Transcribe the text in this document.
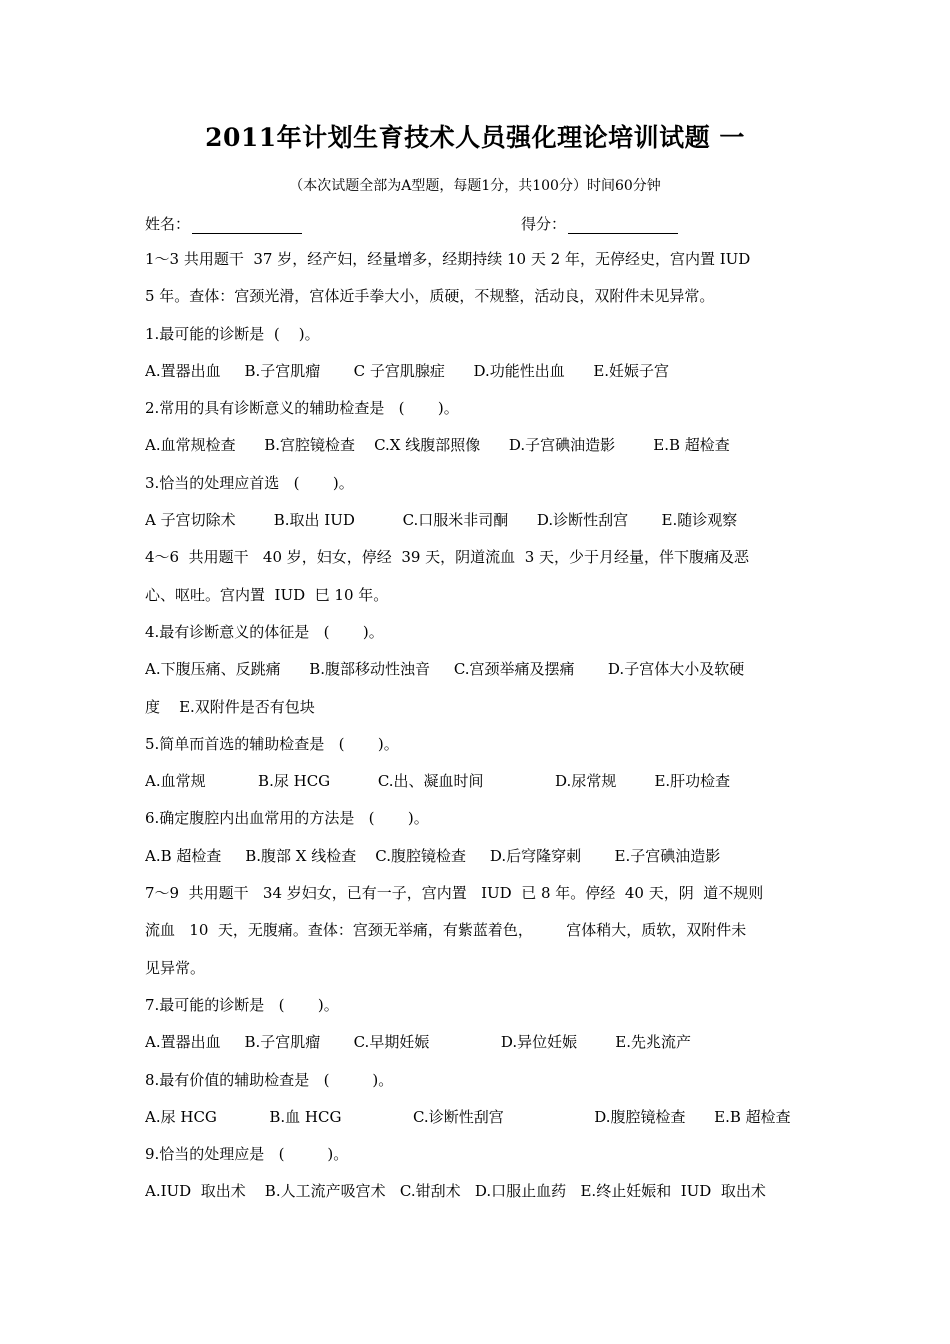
2011年计划生育技术人员强化理论培训试题 一
（本次试题全部为A型题，每题1分，共100分）时间60分钟
姓名：	得分：
1～3 共用题干  37 岁，经产妇，经量增多，经期持续 10 天 2 年，无停经史，宫内置 IUD
5 年。查体：宫颈光滑，宫体近手拳大小，质硬，不规整，活动良，双附件未见异常。
1.最可能的诊断是  (    )。
A.置器出血     B.子宫肌瘤       C 子宫肌腺症      D.功能性出血      E.妊娠子宫
2.常用的具有诊断意义的辅助检查是   (       )。
A.血常规检查      B.宫腔镜检查    C.X 线腹部照像      D.子宫碘油造影        E.B 超检查
3.恰当的处理应首选   (       )。
A 子宫切除术        B.取出 IUD          C.口服米非司酮      D.诊断性刮宫       E.随诊观察
4～6  共用题干   40 岁，妇女，停经  39 天，阴道流血  3 天，少于月经量，伴下腹痛及恶
心、呕吐。宫内置  IUD  巳 10 年。
4.最有诊断意义的体征是   (       )。
A.下腹压痛、反跳痛      B.腹部移动性浊音     C.宫颈举痛及摆痛       D.子宫体大小及软硬
度    E.双附件是否有包块
5.简单而首选的辅助检查是   (       )。
A.血常规           B.尿 HCG          C.出、凝血时间               D.尿常规        E.肝功检查
6.确定腹腔内出血常用的方法是   (       )。
A.B 超检查     B.腹部 X 线检查    C.腹腔镜检查     D.后穹隆穿刺       E.子宫碘油造影
7～9  共用题干   34 岁妇女，已有一子，宫内置   IUD  已 8 年。停经  40 天，阴  道不规则
流血   10  天，无腹痛。查体：宫颈无举痛，有紫蓝着色，       宫体稍大，质软，双附件未
见异常。
7.最可能的诊断是   (       )。
A.置器出血     B.子宫肌瘤       C.早期妊娠               D.异位妊娠        E.先兆流产
8.最有价值的辅助检查是   (         )。
A.尿 HCG           B.血 HCG               C.诊断性刮宫                   D.腹腔镜检查      E.B 超检查
9.恰当的处理应是   (         )。
A.IUD  取出术    B.人工流产吸宫术   C.钳刮术   D.口服止血药   E.终止妊娠和  IUD  取出术
